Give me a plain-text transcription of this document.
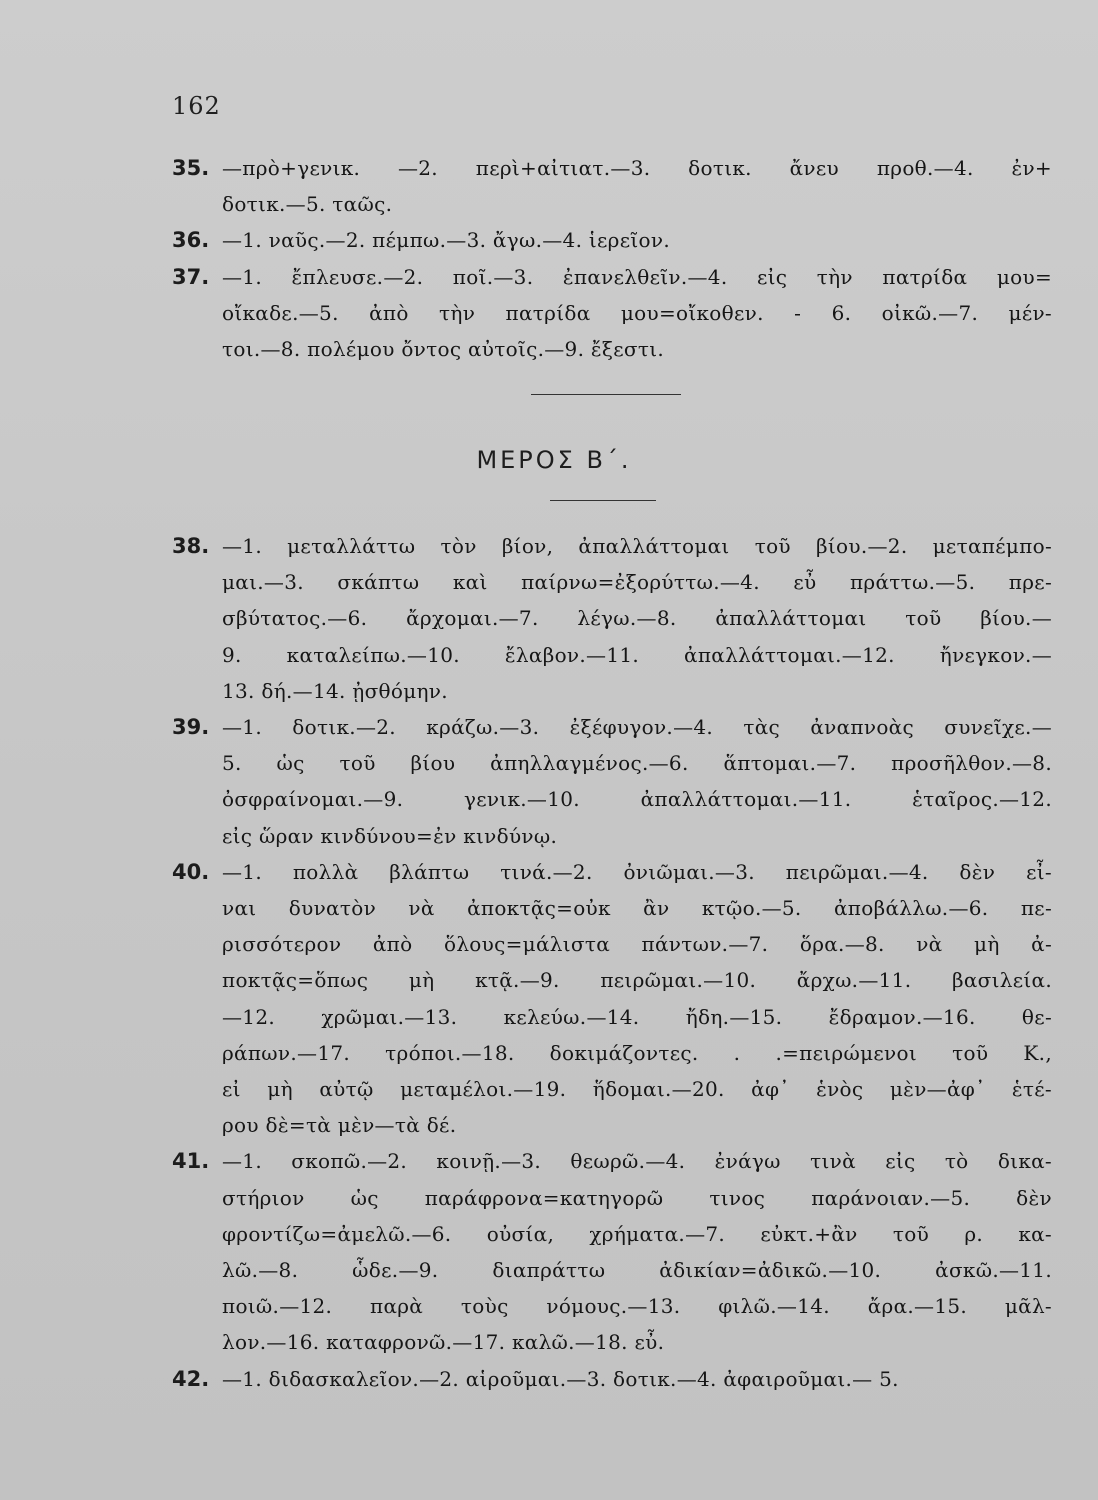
162
35. —πρὸ+γενικ. —2. περὶ+αἰτιατ.—3. δοτικ. ἄνευ προθ.—4. ἐν+
δοτικ.—5. ταῶς.
36. —1. ναῦς.—2. πέμπω.—3. ἄγω.—4. ἱερεῖον.
37. —1. ἔπλευσε.—2. ποῖ.—3. ἐπανελθεῖν.—4. εἰς τὴν πατρίδα μου=
οἴκαδε.—5. ἀπὸ τὴν πατρίδα μου=οἴκοθεν. - 6. οἰκῶ.—7. μέν-
τοι.—8. πολέμου ὄντος αὐτοῖς.—9. ἔξεστι.
ΜΕΡΟΣ Β΄.
38. —1. μεταλλάττω τὸν βίον, ἀπαλλάττομαι τοῦ βίου.—2. μεταπέμπο-
μαι.—3. σκάπτω καὶ παίρνω=ἐξορύττω.—4. εὖ πράττω.—5. πρε-
σβύτατος.—6. ἄρχομαι.—7. λέγω.—8. ἀπαλλάττομαι τοῦ βίου.—
9. καταλείπω.—10. ἔλαβον.—11. ἀπαλλάττομαι.—12. ἤνεγκον.—
13. δή.—14. ᾐσθόμην.
39. —1. δοτικ.—2. κράζω.—3. ἐξέφυγον.—4. τὰς ἀναπνοὰς συνεῖχε.—
5. ὡς τοῦ βίου ἀπηλλαγμένος.—6. ἅπτομαι.—7. προσῆλθον.—8.
ὀσφραίνομαι.—9. γενικ.—10. ἀπαλλάττομαι.—11. ἑταῖρος.—12.
εἰς ὥραν κινδύνου=ἐν κινδύνῳ.
40. —1. πολλὰ βλάπτω τινά.—2. ὀνιῶμαι.—3. πειρῶμαι.—4. δὲν εἶ-
ναι δυνατὸν νὰ ἀποκτᾷς=οὐκ ἂν κτῷο.—5. ἀποβάλλω.—6. πε-
ρισσότερον ἀπὸ ὅλους=μάλιστα πάντων.—7. ὅρα.—8. νὰ μὴ ἀ-
ποκτᾷς=ὅπως μὴ κτᾷ.—9. πειρῶμαι.—10. ἄρχω.—11. βασιλεία.
—12. χρῶμαι.—13. κελεύω.—14. ἤδη.—15. ἔδραμον.—16. θε-
ράπων.—17. τρόποι.—18. δοκιμάζοντες. . .=πειρώμενοι τοῦ Κ.,
εἰ μὴ αὐτῷ μεταμέλοι.—19. ἥδομαι.—20. ἀφ᾽ ἑνὸς μὲν—ἀφ᾽ ἑτέ-
ρου δὲ=τὰ μὲν—τὰ δέ.
41. —1. σκοπῶ.—2. κοινῇ.—3. θεωρῶ.—4. ἐνάγω τινὰ εἰς τὸ δικα-
στήριον ὡς παράφρονα=κατηγορῶ τινος παράνοιαν.—5. δὲν
φροντίζω=ἀμελῶ.—6. οὐσία, χρήματα.—7. εὐκτ.+ἂν τοῦ ρ. κα-
λῶ.—8. ὧδε.—9. διαπράττω ἀδικίαν=ἀδικῶ.—10. ἀσκῶ.—11.
ποιῶ.—12. παρὰ τοὺς νόμους.—13. φιλῶ.—14. ἄρα.—15. μᾶλ-
λον.—16. καταφρονῶ.—17. καλῶ.—18. εὖ.
42. —1. διδασκαλεῖον.—2. αἱροῦμαι.—3. δοτικ.—4. ἀφαιροῦμαι.— 5.
